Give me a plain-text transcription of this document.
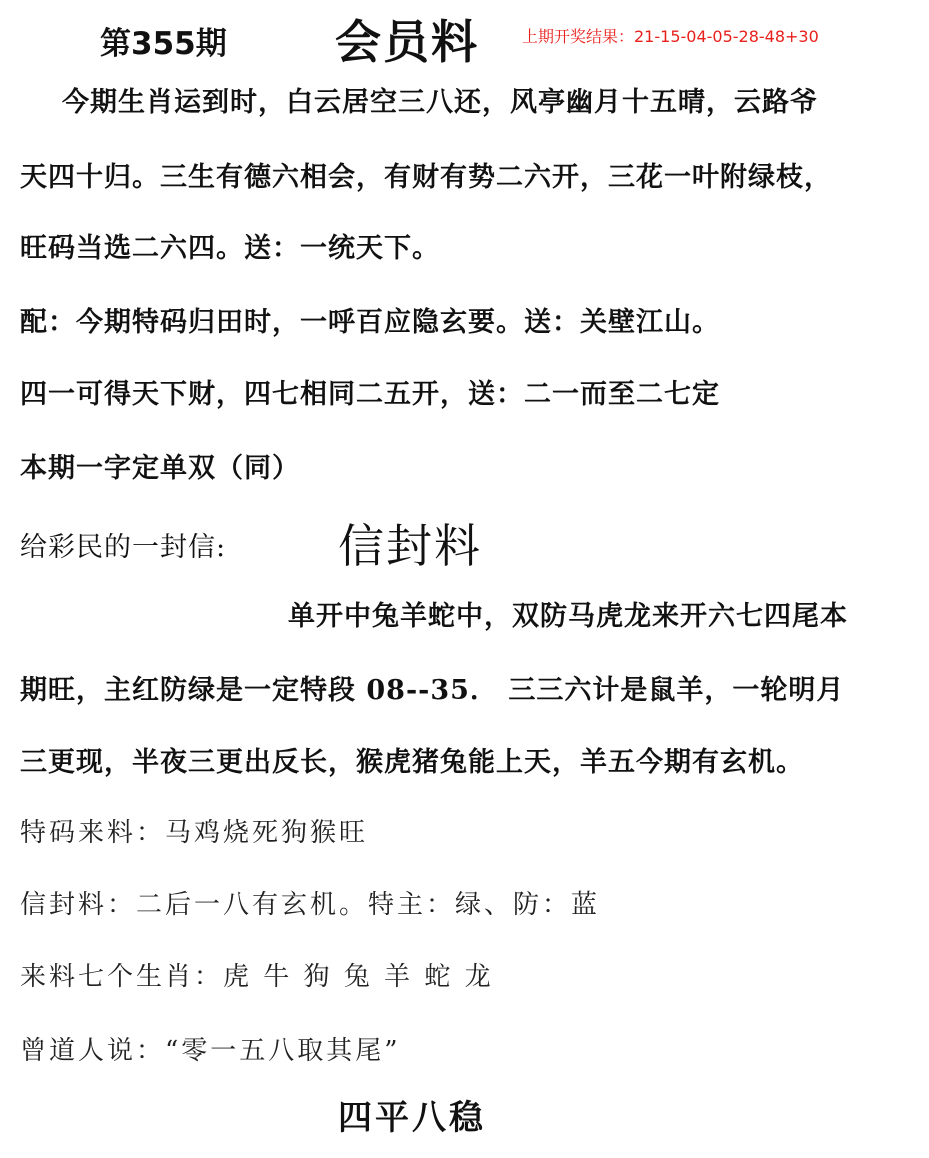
第355期 会员料	上期开奖结果：21-15-04-05-28-48+30
今期生肖运到时，白云居空三八还，风亭幽月十五晴，云路爷
天四十归。三生有德六相会，有财有势二六开，三花一叶附绿枝，
旺码当选二六四。送：一统天下。
配：今期特码归田时，一呼百应隐玄要。送：关壁江山。
四一可得天下财，四七相同二五开，送：二一而至二七定
本期一字定单双（同）
给彩民的一封信: 信封料
单开中兔羊蛇中，双防马虎龙来开六七四尾本
期旺，主红防绿是一定特段 08--35． 三三六计是鼠羊，一轮明月
三更现，半夜三更出反长，猴虎猪兔能上天，羊五今期有玄机。
特码来料：马鸡烧死狗猴旺
信封料：二后一八有玄机。特主：绿、防：蓝
来料七个生肖：虎 牛 狗 兔 羊 蛇 龙
曾道人说：“零一五八取其尾”
四平八稳
